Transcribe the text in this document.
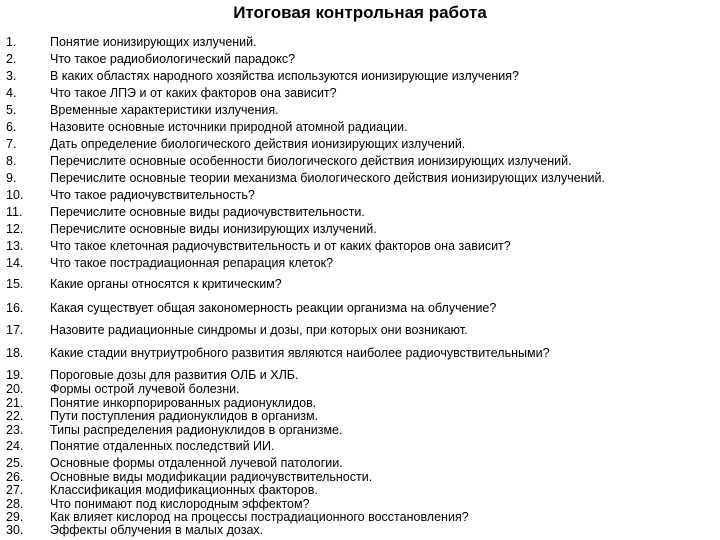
Итоговая контрольная работа
1.	Понятие ионизирующих излучений.
2.	Что такое радиобиологический парадокс?
3.	В каких областях народного хозяйства используются ионизирующие излучения?
4.	Что такое ЛПЭ и от каких факторов она зависит?
5.	Временные характеристики излучения.
6.	Назовите основные источники природной атомной радиации.
7.	Дать определение биологического действия ионизирующих излучений.
8.	Перечислите основные особенности биологического действия ионизирующих излучений.
9.	Перечислите основные теории механизма биологического действия ионизирующих излучений.
10. Что такое радиочувствительность?
11. Перечислите основные виды радиочувствительности.
12. Перечислите основные виды ионизирующих излучений.
13. Что такое клеточная радиочувствительность и от каких факторов она зависит?
14. Что такое пострадиационная репарация клеток?
15. Какие органы относятся к критическим?
16. Какая существует общая закономерность реакции организма на облучение?
17. Назовите радиационные синдромы и дозы, при которых они возникают.
18. Какие стадии внутриутробного развития являются наиболее радиочувствительными?
19. Пороговые дозы для развития ОЛБ и ХЛБ.
20. Формы острой лучевой болезни.
21. Понятие инкорпорированных радионуклидов.
22. Пути поступления радионуклидов в организм.
23. Типы распределения радионуклидов в организме.
24. Понятие отдаленных последствий ИИ.
25. Основные формы отдаленной лучевой патологии.
26. Основные виды модификации радиочувствительности.
27. Классификация модификационных факторов.
28. Что понимают под кислородным эффектом?
29. Как влияет кислород на процессы пострадиационного восстановления?
30. Эффекты облучения в малых дозах.
